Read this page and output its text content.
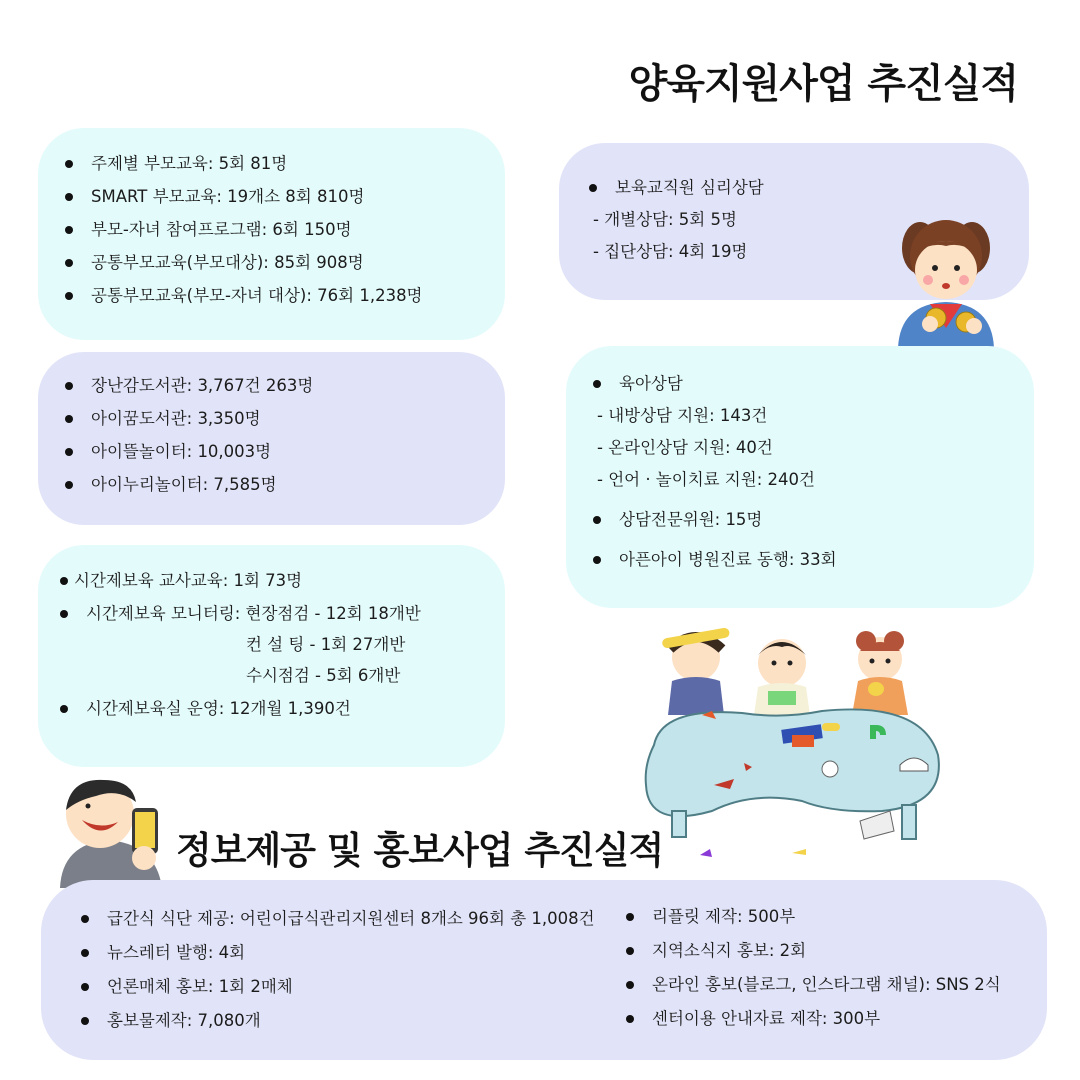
양육지원사업 추진실적
주제별 부모교육: 5회 81명
SMART 부모교육: 19개소 8회 810명
부모-자녀 참여프로그램: 6회 150명
공통부모교육(부모대상): 85회 908명
공통부모교육(부모-자녀 대상): 76회 1,238명
장난감도서관: 3,767건 263명
아이꿈도서관: 3,350명
아이뜰놀이터: 10,003명
아이누리놀이터: 7,585명
시간제보육 교사교육: 1회 73명
시간제보육 모니터링: 현장점검 - 12회 18개반
컨 설 팅 - 1회 27개반
수시점검 - 5회 6개반
시간제보육실 운영: 12개월 1,390건
보육교직원 심리상담
- 개별상담: 5회 5명
- 집단상담: 4회 19명
육아상담
- 내방상담 지원: 143건
- 온라인상담 지원: 40건
- 언어 · 놀이치료 지원: 240건
상담전문위원: 15명
아픈아이 병원진료 동행: 33회
정보제공 및 홍보사업 추진실적
급간식 식단 제공: 어린이급식관리지원센터 8개소 96회 총 1,008건
뉴스레터 발행: 4회
언론매체 홍보: 1회 2매체
홍보물제작: 7,080개
리플릿 제작: 500부
지역소식지 홍보: 2회
온라인 홍보(블로그, 인스타그램 채널): SNS 2식
센터이용 안내자료 제작: 300부
